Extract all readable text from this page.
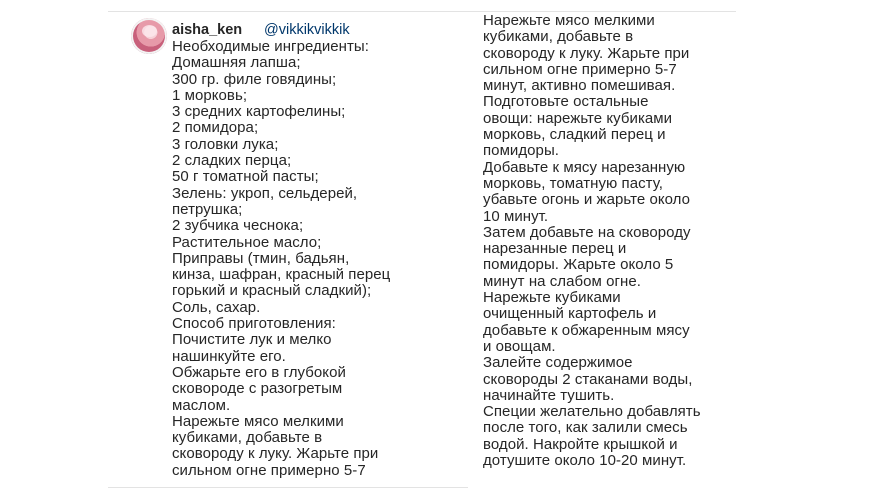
aisha_ken @vikkikvikkik
Необходимые ингредиенты:
Домашняя лапша;
300 гр. филе говядины;
1 морковь;
3 средних картофелины;
2 помидора;
3 головки лука;
2 сладких перца;
50 г томатной пасты;
Зелень: укроп, сельдерей,
петрушка;
2 зубчика чеснока;
Растительное масло;
Приправы (тмин, бадьян,
кинза, шафран, красный перец
горький и красный сладкий);
Соль, сахар.
Способ приготовления:
Почистите лук и мелко
нашинкуйте его.
Обжарьте его в глубокой
сковороде с разогретым
маслом.
Нарежьте мясо мелкими
кубиками, добавьте в
сковороду к луку. Жарьте при
сильном огне примерно 5-7
Нарежьте мясо мелкими
кубиками, добавьте в
сковороду к луку. Жарьте при
сильном огне примерно 5-7
минут, активно помешивая.
Подготовьте остальные
овощи: нарежьте кубиками
морковь, сладкий перец и
помидоры.
Добавьте к мясу нарезанную
морковь, томатную пасту,
убавьте огонь и жарьте около
10 минут.
Затем добавьте на сковороду
нарезанные перец и
помидоры. Жарьте около 5
минут на слабом огне.
Нарежьте кубиками
очищенный картофель и
добавьте к обжаренным мясу
и овощам.
Залейте содержимое
сковороды 2 стаканами воды,
начинайте тушить.
Специи желательно добавлять
после того, как залили смесь
водой. Накройте крышкой и
дотушите около 10-20 минут.
